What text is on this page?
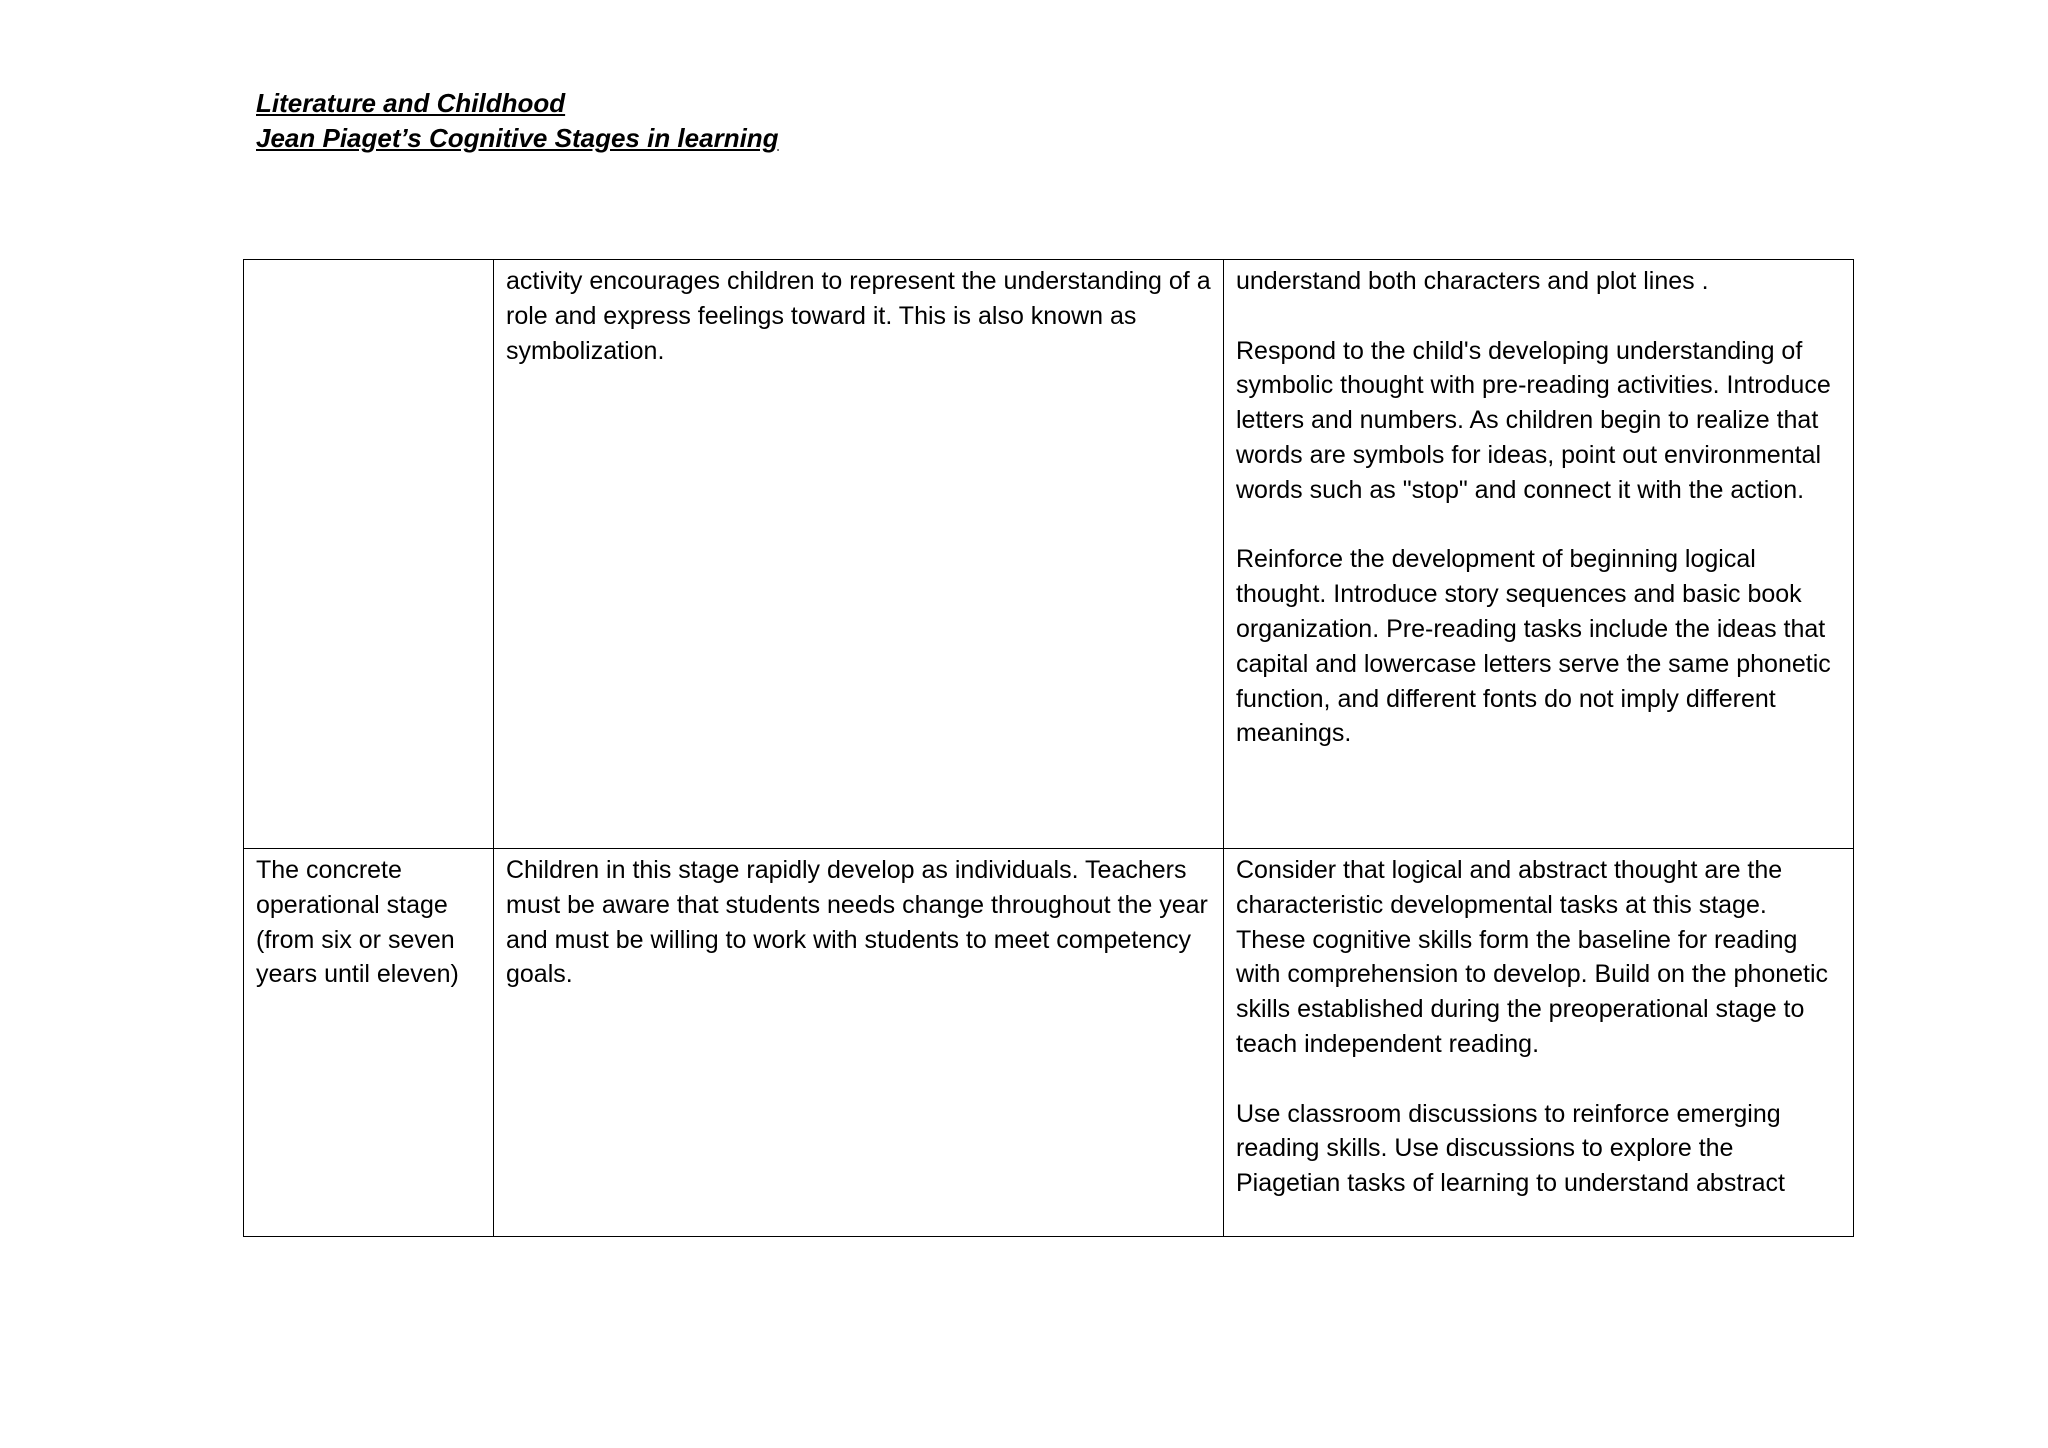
Literature and Childhood
Jean Piaget’s Cognitive Stages in learning

	activity encourages children to represent the understanding of a role and express feelings toward it. This is also known as symbolization.	understand both characters and plot lines .

Respond to the child's developing understanding of symbolic thought with pre-reading activities. Introduce letters and numbers. As children begin to realize that words are symbols for ideas, point out environmental words such as "stop" and connect it with the action.

Reinforce the development of beginning logical thought. Introduce story sequences and basic book organization. Pre-reading tasks include the ideas that capital and lowercase letters serve the same phonetic function, and different fonts do not imply different meanings.

The concrete operational stage (from six or seven years until eleven)	Children in this stage rapidly develop as individuals. Teachers must be aware that students needs change throughout the year and must be willing to work with students to meet competency goals.	Consider that logical and abstract thought are the characteristic developmental tasks at this stage. These cognitive skills form the baseline for reading with comprehension to develop. Build on the phonetic skills established during the preoperational stage to teach independent reading.

Use classroom discussions to reinforce emerging reading skills. Use discussions to explore the Piagetian tasks of learning to understand abstract
